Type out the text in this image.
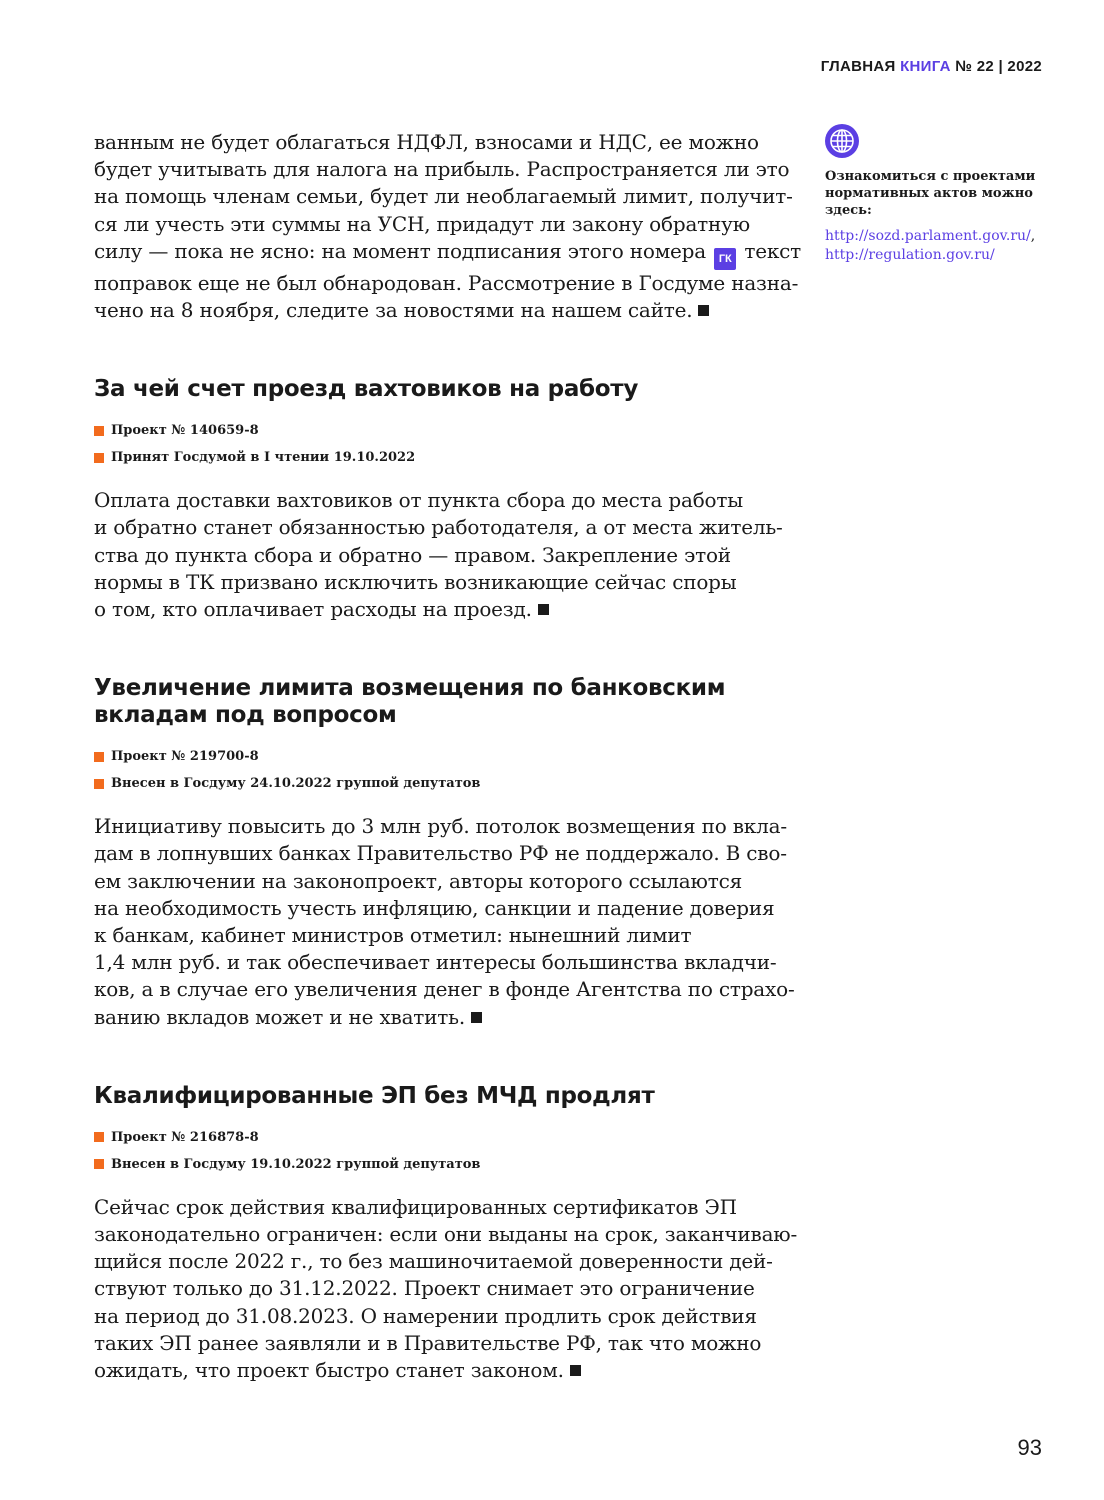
ГЛАВНАЯ КНИГА № 22 | 2022

ванным не будет облагаться НДФЛ, взносами и НДС, ее можно
будет учитывать для налога на прибыль. Распространяется ли это
на помощь членам семьи, будет ли необлагаемый лимит, получит-
ся ли учесть эти суммы на УСН, придадут ли закону обратную
силу — пока не ясно: на момент подписания этого номера ГК текст
поправок еще не был обнародован. Рассмотрение в Госдуме назна-
чено на 8 ноября, следите за новостями на нашем сайте.

За чей счет проезд вахтовиков на работу
Проект № 140659-8
Принят Госдумой в I чтении 19.10.2022

Оплата доставки вахтовиков от пункта сбора до места работы
и обратно станет обязанностью работодателя, а от места житель-
ства до пункта сбора и обратно — правом. Закрепление этой
нормы в ТК призвано исключить возникающие сейчас споры
о том, кто оплачивает расходы на проезд.

Увеличение лимита возмещения по банковским
вкладам под вопросом
Проект № 219700-8
Внесен в Госдуму 24.10.2022 группой депутатов

Инициативу повысить до 3 млн руб. потолок возмещения по вкла-
дам в лопнувших банках Правительство РФ не поддержало. В сво-
ем заключении на законопроект, авторы которого ссылаются
на необходимость учесть инфляцию, санкции и падение доверия
к банкам, кабинет министров отметил: нынешний лимит
1,4 млн руб. и так обеспечивает интересы большинства вкладчи-
ков, а в случае его увеличения денег в фонде Агентства по страхо-
ванию вкладов может и не хватить.

Квалифицированные ЭП без МЧД продлят
Проект № 216878-8
Внесен в Госдуму 19.10.2022 группой депутатов

Сейчас срок действия квалифицированных сертификатов ЭП
законодательно ограничен: если они выданы на срок, заканчиваю-
щийся после 2022 г., то без машиночитаемой доверенности дей-
ствуют только до 31.12.2022. Проект снимает это ограничение
на период до 31.08.2023. О намерении продлить срок действия
таких ЭП ранее заявляли и в Правительстве РФ, так что можно
ожидать, что проект быстро станет законом.

Ознакомиться с проектами
нормативных актов можно
здесь:
http://sozd.parlament.gov.ru/,
http://regulation.gov.ru/
93
